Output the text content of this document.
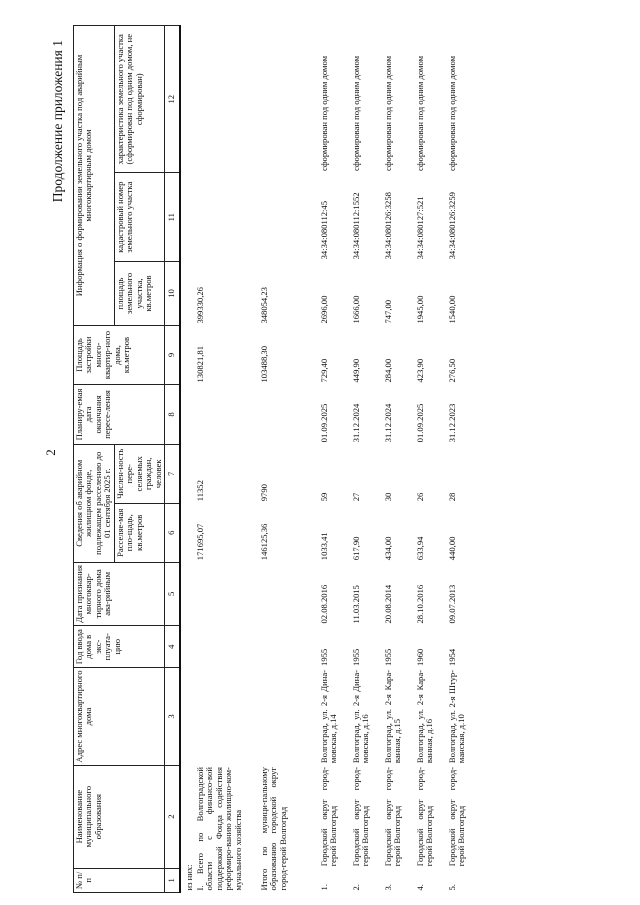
2
Продолжение приложения 1
№ п/п	Наименование муниципального образования	Адрес многоквартирного дома	Год ввода дома в экс-плуата-цию	Дата признания многоквар-тирного дома ава-рийным	Сведения об аварийном жилищном фонде, подлежащем расселению до 01 сентября 2025 г.		Планиру-емая дата окончания пересе-ления	Площадь застройки много-квартир-ного дома, кв.метров	Информация о формировании земельного участка под аварийным многоквартирным домом		
					Расселяе-мая пло-щадь, кв.метров	Числен-ность пере-селяемых граждан, человек			площадь земельного участка, кв.метров	кадастровый номер земельного участка	характеристика земельного участка (сформирован под одним домом, не сформирован)
1	2	3	4	5	6	7	8	9	10	11	12
из них:											
I. Всего по Волгоградской области с финансо-вой поддержкой Фонда содействия реформиро-ванию жилищно-ком-мунального хозяйства					171695,07	11352		130821,81	399330,26		
Итого по муници-пальному образованию городской округ город-герой Волгоград					146125,36	9790		103488,30	348054,23		
1.	Городской округ город-герой Волгоград	Волгоград, ул. 2-я Дина-мовская, д.14	1955	02.08.2016	1033,41	59	01.09.2025	729,40	2696,00	34:34:080112:45	сформирован под одним домом
2.	Городской округ город-герой Волгоград	Волгоград, ул. 2-я Дина-мовская, д.16	1955	11.03.2015	617,90	27	31.12.2024	449,90	1666,00	34:34:080112:1552	сформирован под одним домом
3.	Городской округ город-герой Волгоград	Волгоград, ул. 2-я Кара-ванная, д.15	1955	20.08.2014	434,00	30	31.12.2024	284,00	747,00	34:34:080126:3258	сформирован под одним домом
4.	Городской округ город-герой Волгоград	Волгоград, ул. 2-я Кара-ванная, д.16	1960	28.10.2016	633,94	26	01.09.2025	423,90	1945,00	34:34:080127:521	сформирован под одним домом
5.	Городской округ город-герой Волгоград	Волгоград, ул. 2-я Штур-манская, д.10	1954	09.07.2013	440,00	28	31.12.2023	276,50	1540,00	34:34:080126:3259	сформирован под одним домом
